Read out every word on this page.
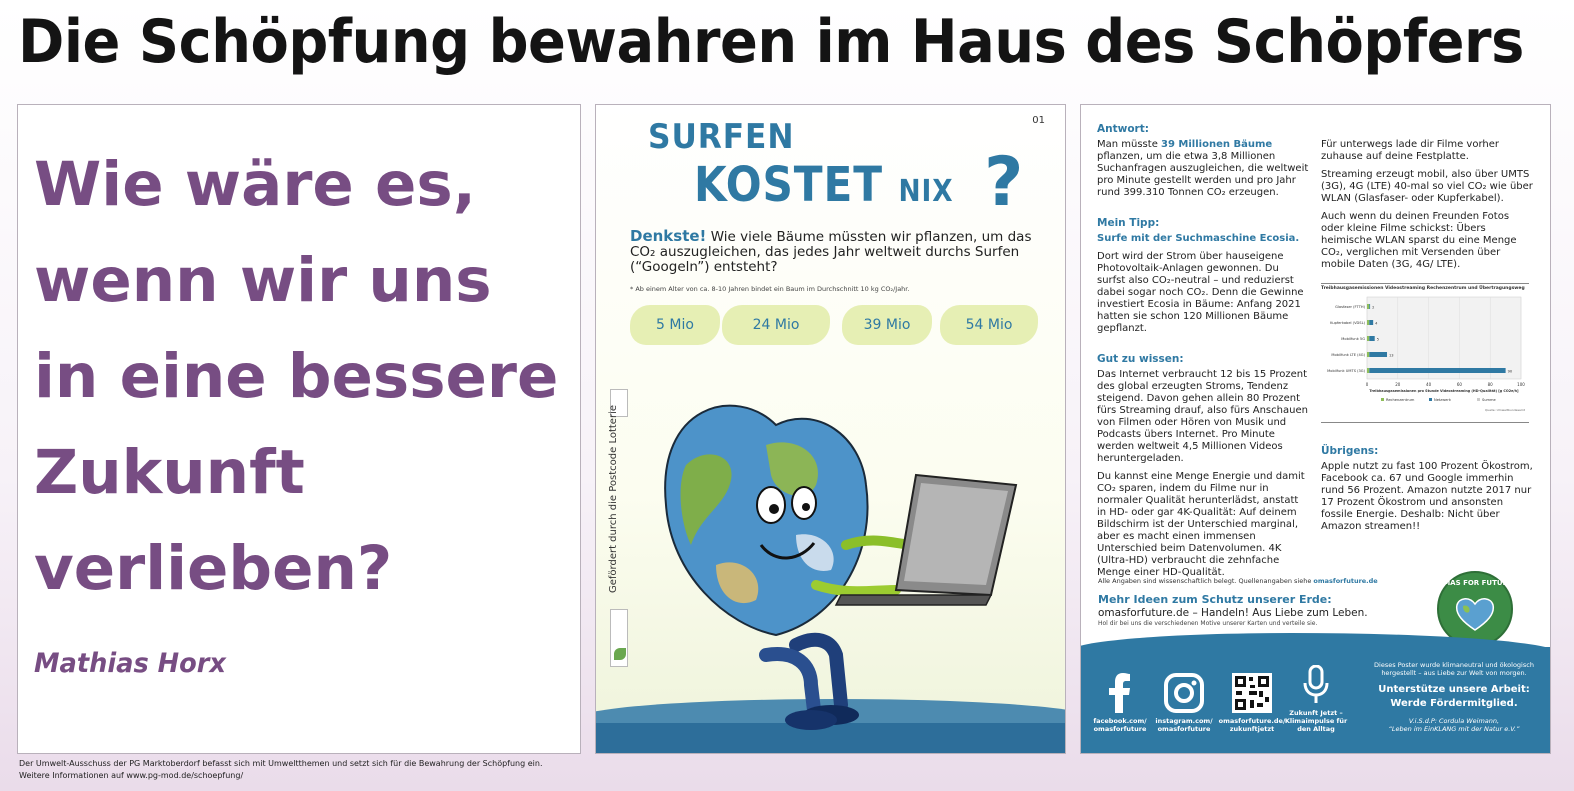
Die Schöpfung bewahren im Haus des Schöpfers
Wie wäre es,
wenn wir uns
in eine bessere
Zukunft
verlieben?
Mathias Horx
Der Umwelt-Ausschuss der PG Marktoberdorf befasst sich mit Umweltthemen und setzt sich für die Bewahrung der Schöpfung ein.
Weitere Informationen auf www.pg-mod.de/schoepfung/
01
SURFEN
KOSTET NIX ?
Denkste! Wie viele Bäume müssten wir pflanzen, um das CO₂ auszugleichen, das jedes Jahr weltweit durchs Surfen (“Googeln”) entsteht?
* Ab einem Alter von ca. 8-10 Jahren bindet ein Baum im Durchschnitt 10 kg CO₂/Jahr.
5 Mio	24 Mio	39 Mio	54 Mio
Gefördert durch die Postcode Lotterie
Antwort:
Man müsste 39 Millionen Bäume pflanzen, um die etwa 3,8 Millionen Suchanfragen auszugleichen, die weltweit pro Minute gestellt werden und pro Jahr rund 399.310 Tonnen CO₂ erzeugen.
Mein Tipp:
Surfe mit der Suchmaschine Ecosia.
Dort wird der Strom über hauseigene Photovoltaik-Anlagen gewonnen. Du surfst also CO₂-neutral – und reduzierst dabei sogar noch CO₂. Denn die Gewinne investiert Ecosia in Bäume: Anfang 2021 hatten sie schon 120 Millionen Bäume gepflanzt.
Gut zu wissen:
Das Internet verbraucht 12 bis 15 Prozent des global erzeugten Stroms, Tendenz steigend. Davon gehen allein 80 Prozent fürs Streaming drauf, also fürs Anschauen von Filmen oder Hören von Musik und Podcasts übers Internet. Pro Minute werden weltweit 4,5 Millionen Videos heruntergeladen.
Du kannst eine Menge Energie und damit CO₂ sparen, indem du Filme nur in normaler Qualität herunterlädst, anstatt in HD- oder gar 4K-Qualität: Auf deinem Bildschirm ist der Unterschied marginal, aber es macht einen immensen Unterschied beim Datenvolumen. 4K (Ultra-HD) verbraucht die zehnfache Menge einer HD-Qualität.
Für unterwegs lade dir Filme vorher zuhause auf deine Festplatte.
Streaming erzeugt mobil, also über UMTS (3G), 4G (LTE) 40-mal so viel CO₂ wie über WLAN (Glasfaser- oder Kupferkabel).
Auch wenn du deinen Freunden Fotos oder kleine Filme schickst: Übers heimische WLAN sparst du eine Menge CO₂, verglichen mit Versenden über mobile Daten (3G, 4G/ LTE).
Treibhausgasemissionen Videostreaming Rechenzentrum und Übertragungsweg
0	20	40	60	80	100
Glasfaser (FTTH) 2
Kupferkabel (VDSL)	4
Mobilfunk 5G	5
Mobilfunk LTE (4G)	13
Mobilfunk UMTS (3G)	90
Treibhausgasemissionen pro Stunde Videostreaming (HD-Qualität) [g CO2e/h]
Rechenzentrum	Netzwerk	Summe
Quelle: Umweltbundesamt
Übrigens:
Apple nutzt zu fast 100 Prozent Ökostrom, Facebook ca. 67 und Google immerhin rund 56 Prozent. Amazon nutzte 2017 nur 17 Prozent Ökostrom und ansonsten fossile Energie. Deshalb: Nicht über Amazon streamen!!
Alle Angaben sind wissenschaftlich belegt. Quellenangaben siehe omasforfuture.de
Mehr Ideen zum Schutz unserer Erde:
omasforfuture.de – Handeln! Aus Liebe zum Leben.
Hol dir bei uns die verschiedenen Motive unserer Karten und verteile sie.
OMAS FOR FUTURE
facebook.com/ omasforfuture
instagram.com/ omasforfuture
omasforfuture.de/ zukunftjetzt
Zukunft Jetzt – Klimaimpulse für den Alltag
Dieses Poster wurde klimaneutral und ökologisch hergestellt – aus Liebe zur Welt von morgen.
Unterstütze unsere Arbeit:
Werde Fördermitglied.
V.i.S.d.P: Cordula Weimann,
“Leben im EinKLANG mit der Natur e.V.”
